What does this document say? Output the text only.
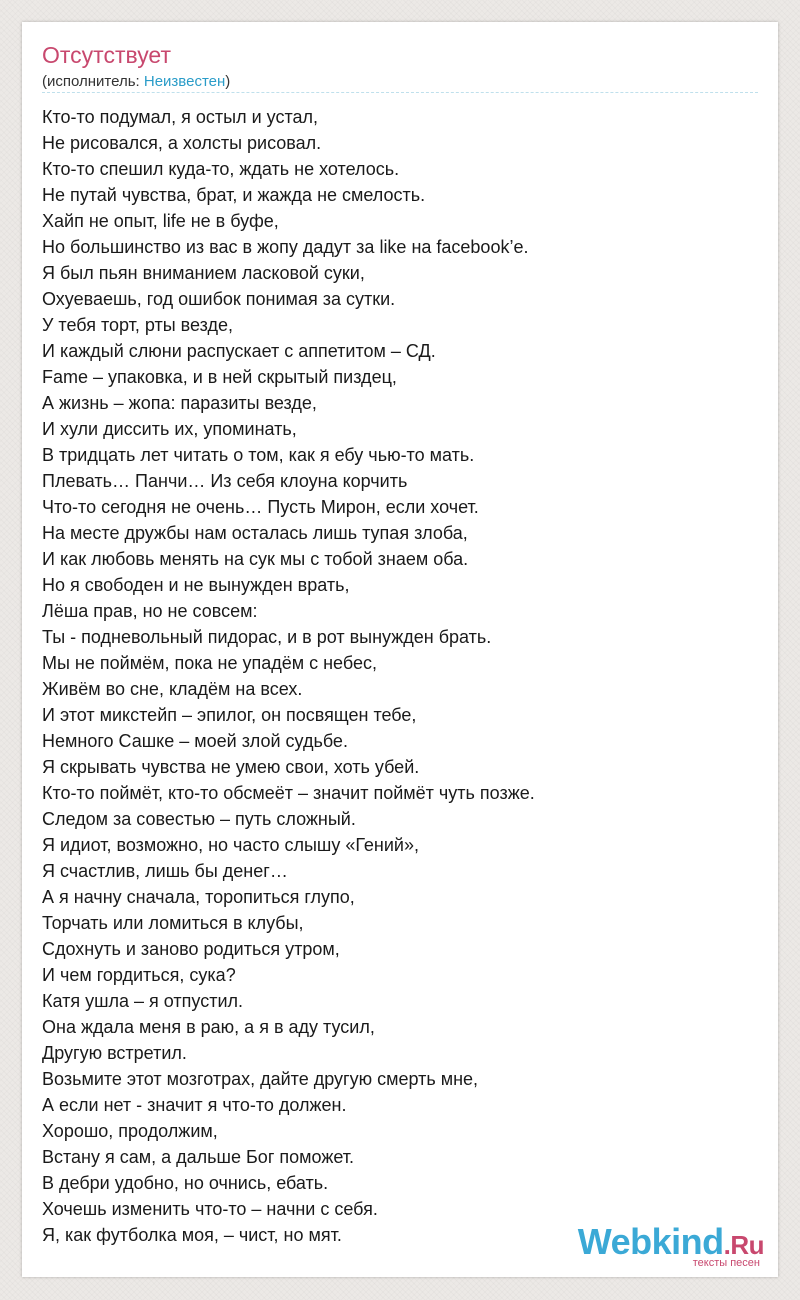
Отсутствует
(исполнитель: Неизвестен)
Кто-то подумал, я остыл и устал,
Не рисовался, а холсты рисовал.
Кто-то спешил куда-то, ждать не хотелось.
Не путай чувства, брат, и жажда не смелость.
Хайп не опыт, life не в буфе,
Но большинство из вас в жопу дадут за like на facebook’e.
Я был пьян вниманием ласковой суки,
Охуеваешь, год ошибок понимая за сутки.
У тебя торт, рты везде,
И каждый слюни распускает с аппетитом – СД.
Fame – упаковка, и в ней скрытый пиздец,
А жизнь – жопа: паразиты везде,
И хули диссить их, упоминать,
В тридцать лет читать о том, как я ебу чью-то мать.
Плевать… Панчи… Из себя клоуна корчить
Что-то сегодня не очень… Пусть Мирон, если хочет.
На месте дружбы нам осталась лишь тупая злоба,
И как любовь менять на сук мы с тобой знаем оба.
Но я свободен и не вынужден врать,
Лёша прав, но не совсем:
Ты - подневольный пидорас, и в рот вынужден брать.
Мы не поймём, пока не упадём с небес,
Живём во сне, кладём на всех.
И этот микстейп – эпилог, он посвящен тебе,
Немного Сашке – моей злой судьбе.
Я скрывать чувства не умею свои, хоть убей.
Кто-то поймёт, кто-то обсмеёт – значит поймёт чуть позже.
Следом за совестью – путь сложный.
Я идиот, возможно, но часто слышу «Гений»,
Я счастлив, лишь бы денег…
А я начну сначала, торопиться глупо,
Торчать или ломиться в клубы,
Сдохнуть и заново родиться утром,
И чем гордиться, сука?
Катя ушла – я отпустил.
Она ждала меня в раю, а я в аду тусил,
Другую встретил.
Возьмите этот мозготрах, дайте другую смерть мне,
А если нет - значит я что-то должен.
Хорошо, продолжим,
Встану я сам, а дальше Бог поможет.
В дебри удобно, но очнись, ебать.
Хочешь изменить что-то – начни с себя.
Я, как футболка моя, – чист, но мят.	Webkind.Ru
тексты песен
